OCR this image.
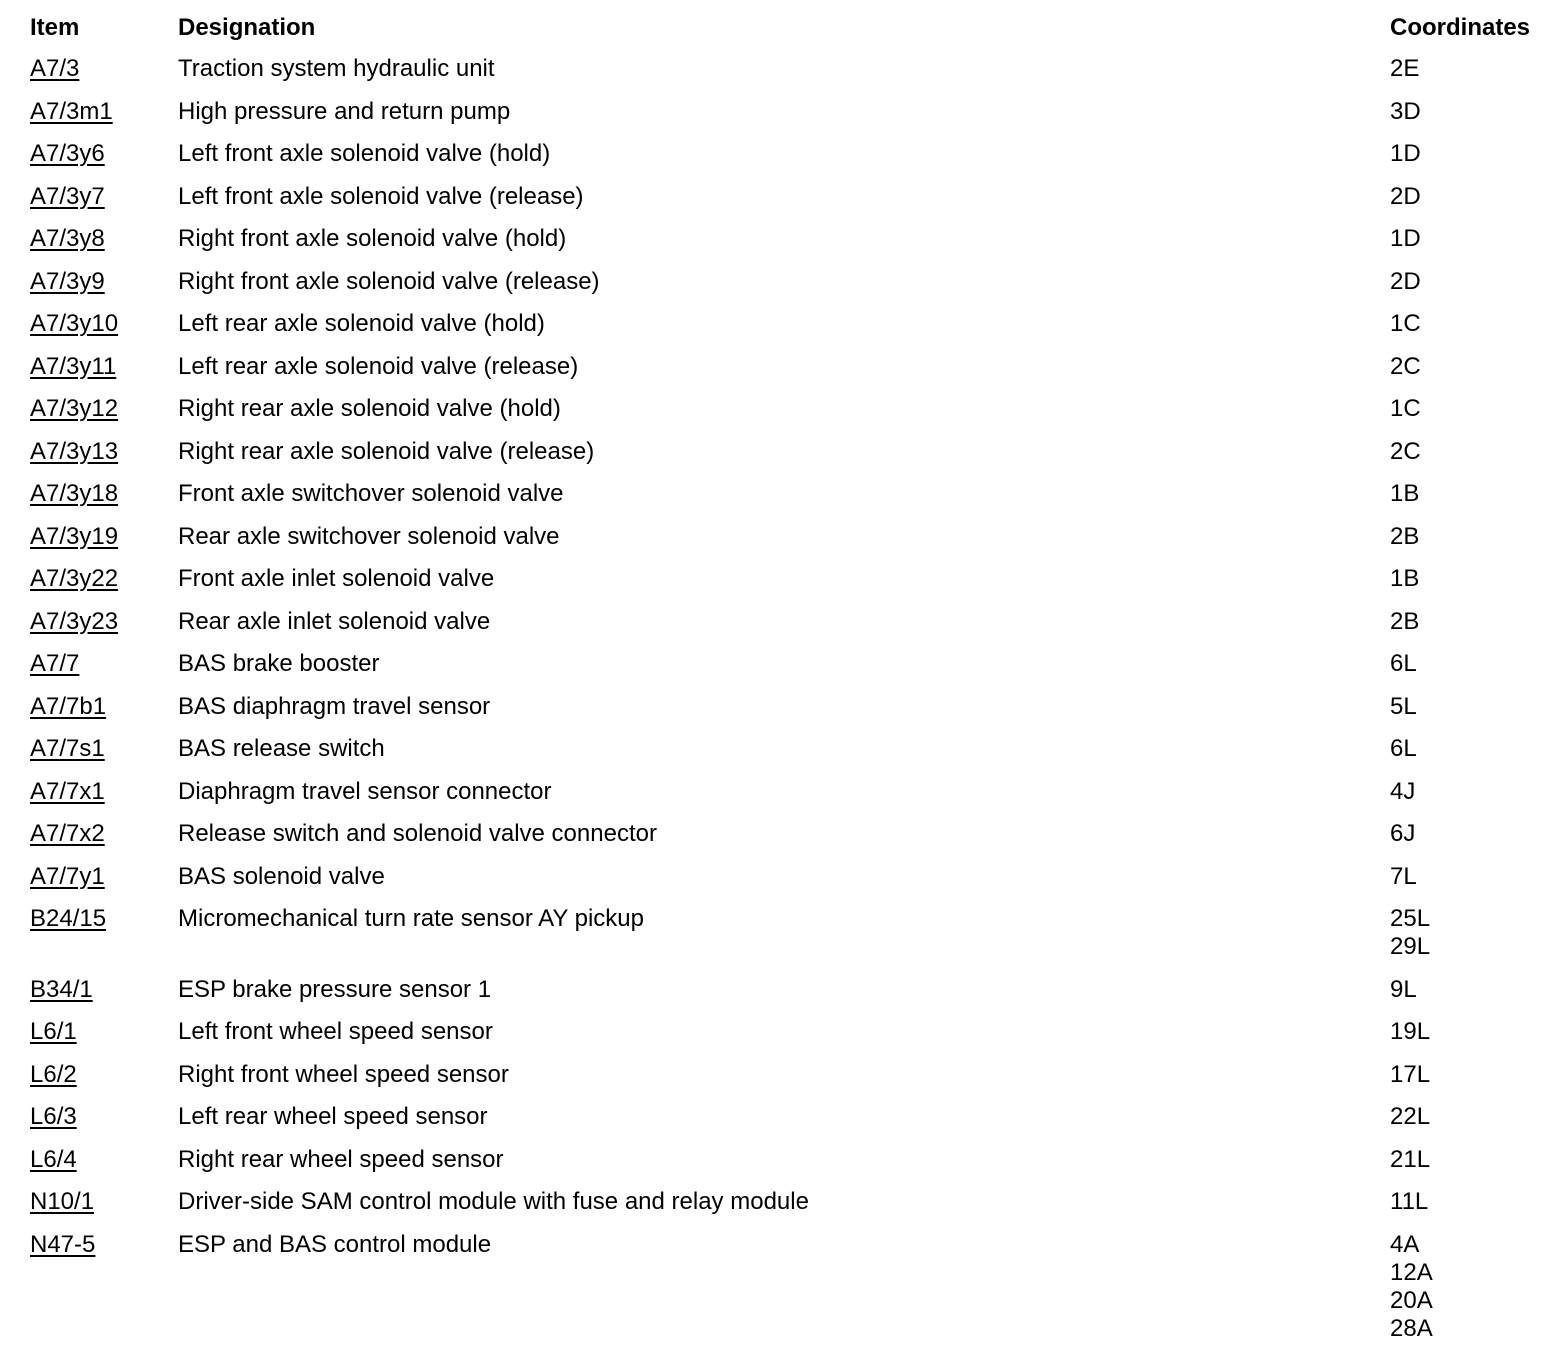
Item	Designation	Coordinates
A7/3	Traction system hydraulic unit	2E
A7/3m1	High pressure and return pump	3D
A7/3y6	Left front axle solenoid valve (hold)	1D
A7/3y7	Left front axle solenoid valve (release)	2D
A7/3y8	Right front axle solenoid valve (hold)	1D
A7/3y9	Right front axle solenoid valve (release)	2D
A7/3y10 Left rear axle solenoid valve (hold)	1C
A7/3y11	Left rear axle solenoid valve (release)	2C
A7/3y12 Right rear axle solenoid valve (hold)	1C
A7/3y13 Right rear axle solenoid valve (release)	2C
A7/3y18 Front axle switchover solenoid valve	1B
A7/3y19 Rear axle switchover solenoid valve	2B
A7/3y22 Front axle inlet solenoid valve	1B
A7/3y23 Rear axle inlet solenoid valve	2B
A7/7	BAS brake booster	6L
A7/7b1	BAS diaphragm travel sensor	5L
A7/7s1	BAS release switch	6L
A7/7x1	Diaphragm travel sensor connector	4J
A7/7x2	Release switch and solenoid valve connector	6J
A7/7y1	BAS solenoid valve	7L
B24/15	Micromechanical turn rate sensor AY pickup	25L
29L
B34/1	ESP brake pressure sensor 1	9L
L6/1	Left front wheel speed sensor	19L
L6/2	Right front wheel speed sensor	17L
L6/3	Left rear wheel speed sensor	22L
L6/4	Right rear wheel speed sensor	21L
N10/1	Driver-side SAM control module with fuse and relay module	11L
N47-5	ESP and BAS control module	4A
12A
20A
28A
